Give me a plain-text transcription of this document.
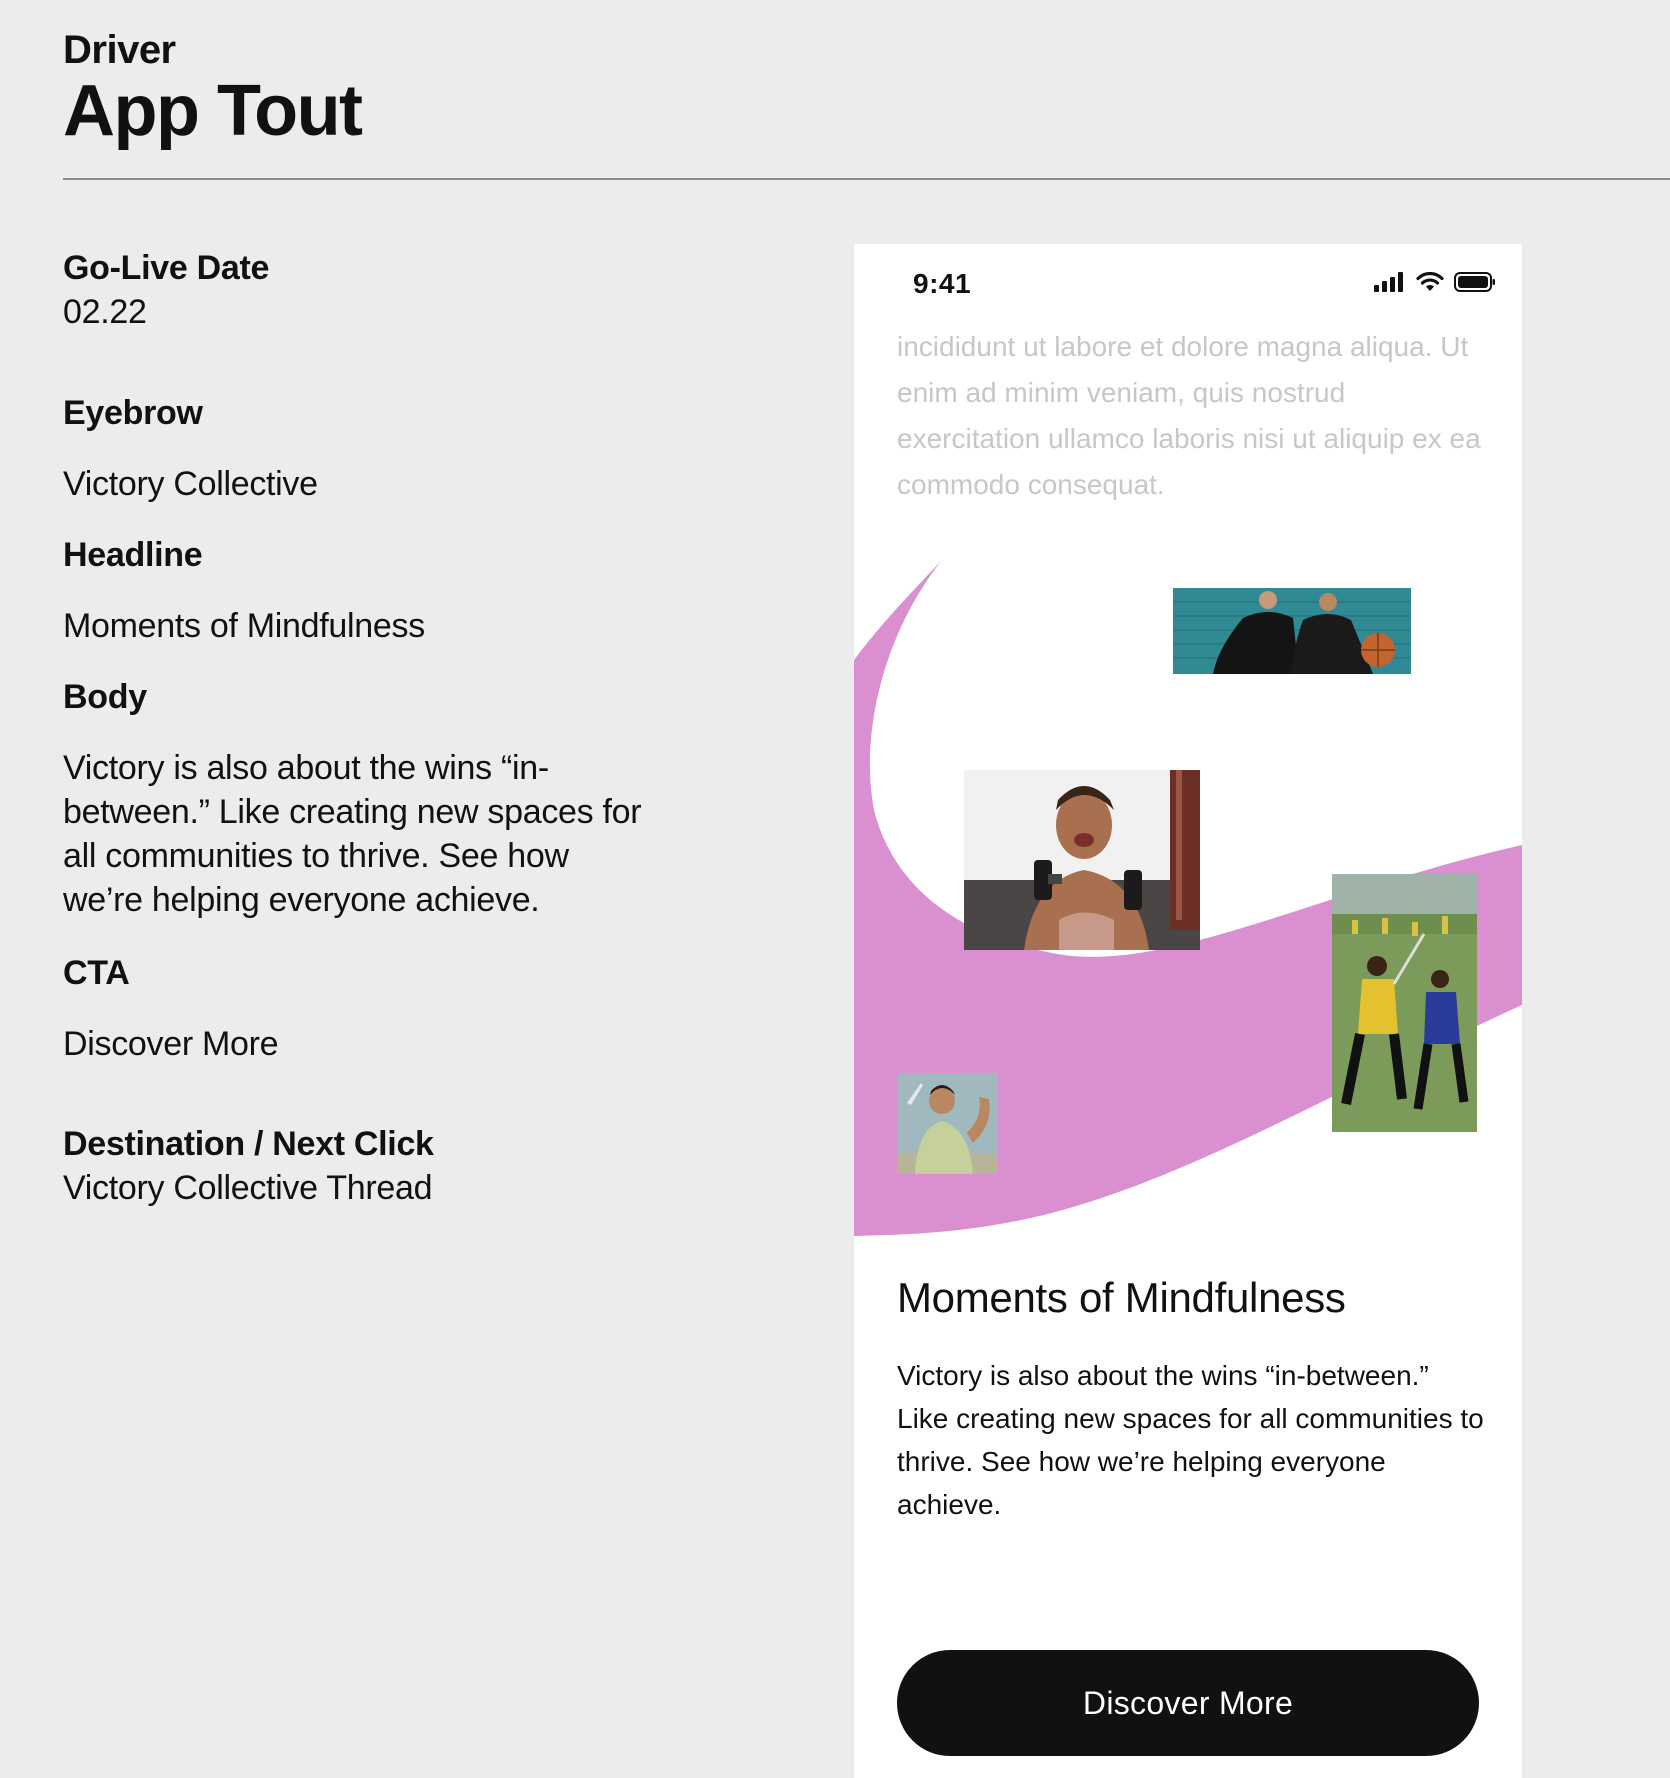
Driver
App Tout
Go-Live Date
02.22
Eyebrow
Victory Collective
Headline
Moments of Mindfulness
Body
Victory is also about the wins “in-between.” Like creating new spaces for all communities to thrive. See how we’re helping everyone achieve.
CTA
Discover More
Destination / Next Click
Victory Collective Thread
9:41
incididunt ut labore et dolore magna aliqua. Ut enim ad minim veniam, quis nostrud exercitation ullamco laboris nisi ut aliquip ex ea commodo consequat.
Moments of Mindfulness
Victory is also about the wins “in-between.” Like creating new spaces for all communities to thrive. See how we’re helping everyone achieve.
Discover More
